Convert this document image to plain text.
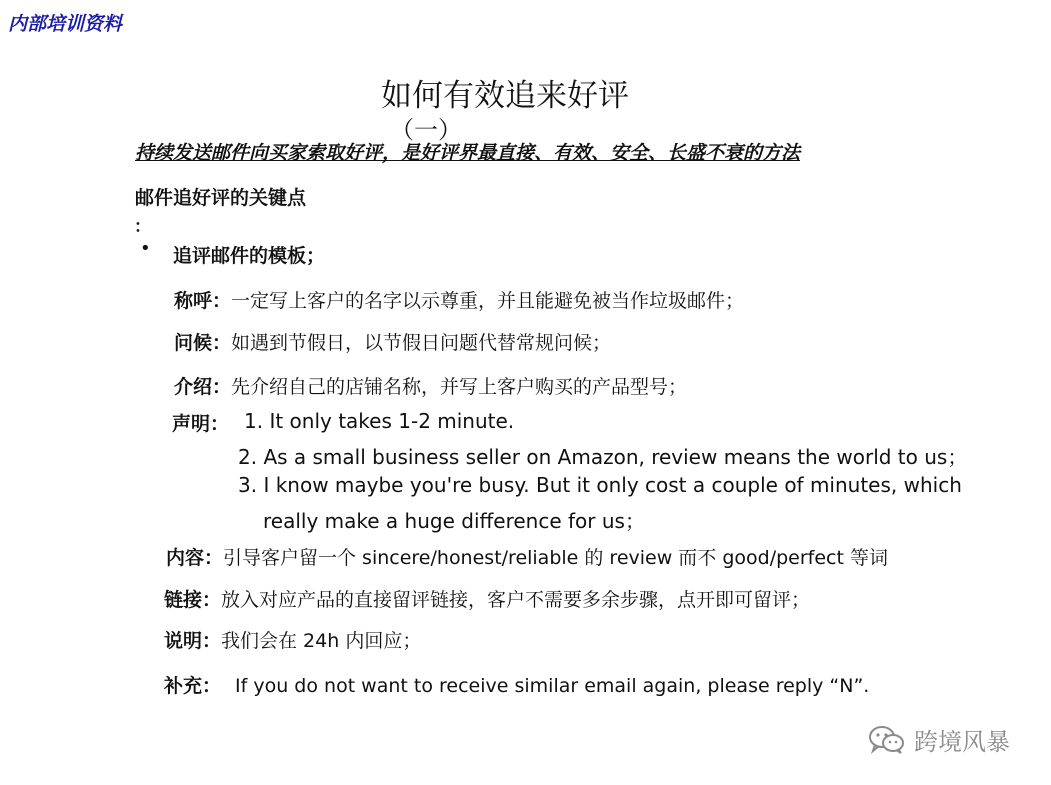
内部培训资料
如何有效追来好评
（一）
持续发送邮件向买家索取好评，是好评界最直接、有效、安全、长盛不衰的方法
邮件追好评的关键点
：
• 追评邮件的模板；
称呼：一定写上客户的名字以示尊重，并且能避免被当作垃圾邮件；
问候：如遇到节假日，以节假日问题代替常规问候；
介绍：先介绍自己的店铺名称，并写上客户购买的产品型号；
声明： 1. It only takes 1-2 minute.
2. As a small business seller on Amazon, review means the world to us；
3. I know maybe you're busy. But it only cost a couple of minutes, which
really make a huge difference for us；
内容：引导客户留一个 sincere/honest/reliable 的 review 而不 good/perfect 等词
链接：放入对应产品的直接留评链接，客户不需要多余步骤，点开即可留评；
说明：我们会在 24h 内回应；
补充： If you do not want to receive similar email again, please reply “N”.
跨境风暴
